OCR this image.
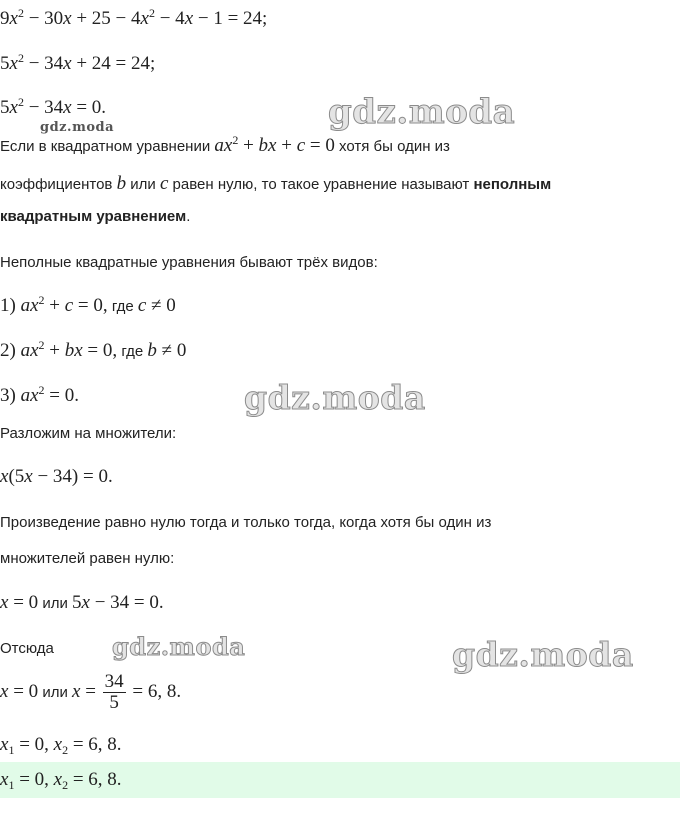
$9x^2 - 30x + 25 - 4x^2 - 4x - 1 = 24$;
$5x^2 - 34x + 24 = 24$;
$5x^2 - 34x = 0$.	gdz.moda
gdz.moda
Если в квадратном уравнении $ax^2$ + bx + c = 0 хотя бы один из
коэффициентов b или c равен нулю, то такое уравнение называют неполным
квадратным уравнением.
Неполные квадратные уравнения бывают трёх видов:
1) $ax^2 + c = 0$, где c ≠ 0
2) $ax^2$ + bx = 0, где b ≠ 0
3) $ax^2 = 0$.	gdz.moda
Разложим на множители:
x(5x − 34) = 0.
Произведение равно нулю тогда и только тогда, когда хотя бы один из
множителей равен нулю:
x = 0 или 5x − 34 = 0.
Отсюда gdz.moda	gdz.moda
x = 0 или $x = \frac{34}{5} = 6$, 8.
$x_1 = 0$, $x_2 = 6$, 8.
$x_1 = 0$, $x_2 = 6$, 8.
